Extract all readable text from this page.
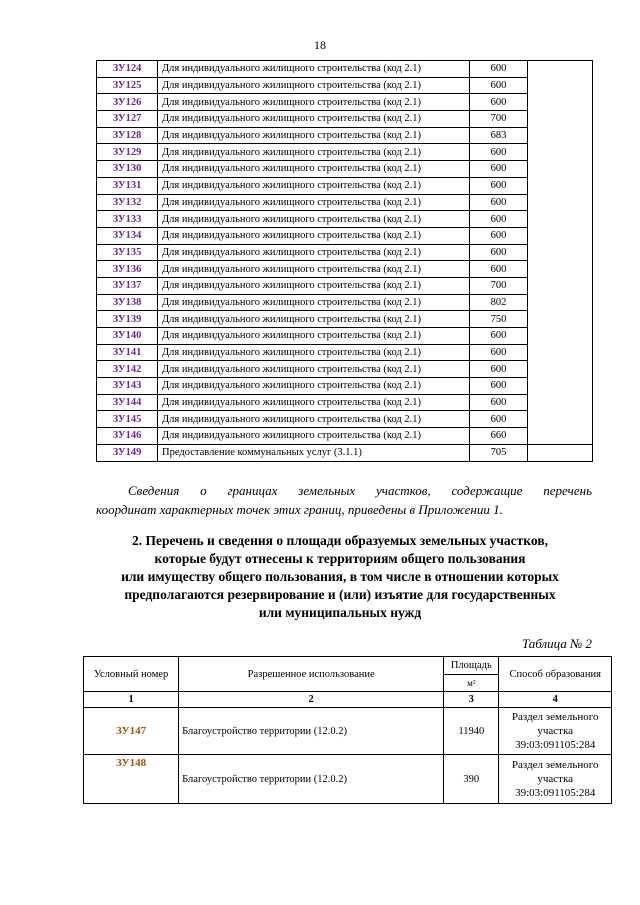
18
ЗУ124	Для индивидуального жилищного строительства (код 2.1)	600	
ЗУ125	Для индивидуального жилищного строительства (код 2.1)	600	
ЗУ126	Для индивидуального жилищного строительства (код 2.1)	600	
ЗУ127	Для индивидуального жилищного строительства (код 2.1)	700	
ЗУ128	Для индивидуального жилищного строительства (код 2.1)	683	
ЗУ129	Для индивидуального жилищного строительства (код 2.1)	600	
ЗУ130	Для индивидуального жилищного строительства (код 2.1)	600	
ЗУ131	Для индивидуального жилищного строительства (код 2.1)	600	
ЗУ132	Для индивидуального жилищного строительства (код 2.1)	600	
ЗУ133	Для индивидуального жилищного строительства (код 2.1)	600	
ЗУ134	Для индивидуального жилищного строительства (код 2.1)	600	
ЗУ135	Для индивидуального жилищного строительства (код 2.1)	600	
ЗУ136	Для индивидуального жилищного строительства (код 2.1)	600	
ЗУ137	Для индивидуального жилищного строительства (код 2.1)	700	
ЗУ138	Для индивидуального жилищного строительства (код 2.1)	802	
ЗУ139	Для индивидуального жилищного строительства (код 2.1)	750	
ЗУ140	Для индивидуального жилищного строительства (код 2.1)	600	
ЗУ141	Для индивидуального жилищного строительства (код 2.1)	600	
ЗУ142	Для индивидуального жилищного строительства (код 2.1)	600	
ЗУ143	Для индивидуального жилищного строительства (код 2.1)	600	
ЗУ144	Для индивидуального жилищного строительства (код 2.1)	600	
ЗУ145	Для индивидуального жилищного строительства (код 2.1)	600	
ЗУ146	Для индивидуального жилищного строительства (код 2.1)	660	
ЗУ149	Предоставление коммунальных услуг (3.1.1)	705	

Сведения о границах земельных участков, содержащие перечень

координат характерных точек этих границ, приведены в Приложении 1.

2. Перечень и сведения о площади образуемых земельных участков,
которые будут отнесены к территориям общего пользования
или имуществу общего пользования, в том числе в отношении которых
предполагаются резервирование и (или) изъятие для государственных
или муниципальных нужд
Таблица № 2
Условный номер	Разрешенное использование	Площадь	Способ образования
		м²	
1	2	3	4
ЗУ147	Благоустройство территории (12.0.2)	11940	Раздел земельного участка 39:03:091105:284
ЗУ148	Благоустройство территории (12.0.2)	390	Раздел земельного участка 39:03:091105:284
